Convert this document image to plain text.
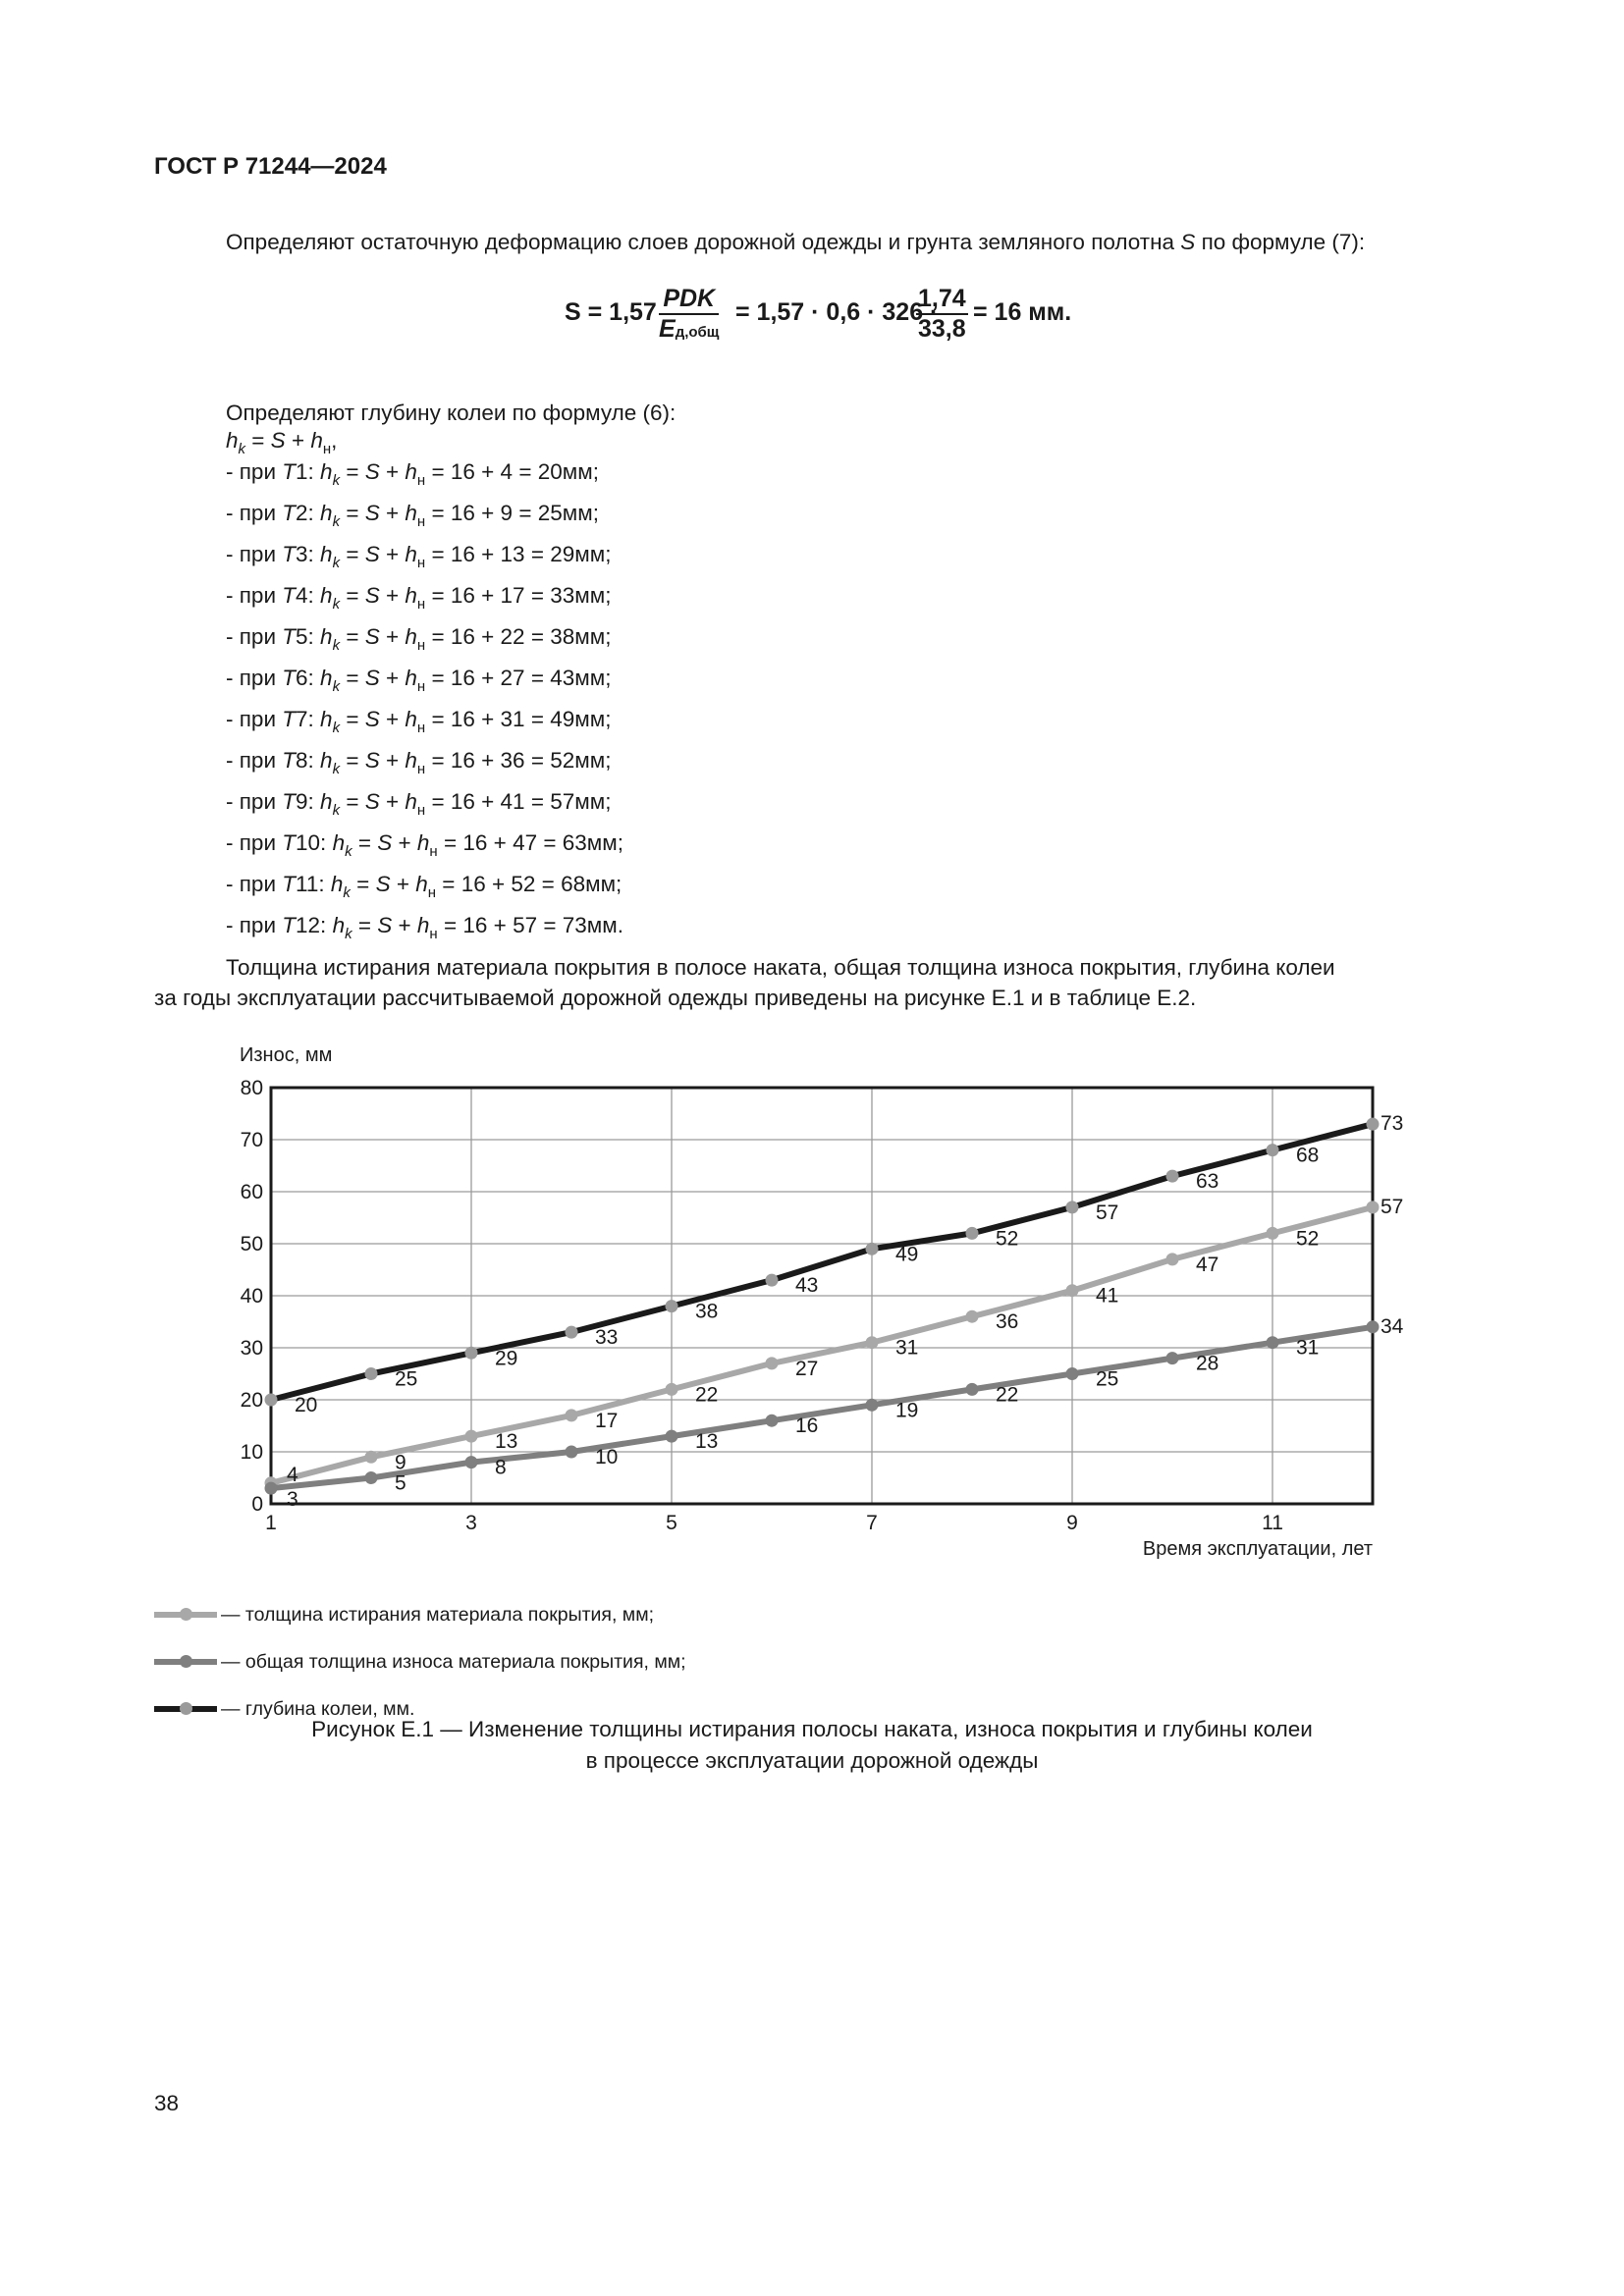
ГОСТ Р 71244—2024
Определяют остаточную деформацию слоев дорожной одежды и грунта земляного полотна S по формуле (7):
S = 1,57 PDK
Eд,общ
= 1,57 · 0,6 · 326 ·
$\frac{1,74}{33,8} = 16$ мм.
Определяют глубину колеи по формуле (6):
$h_k = S + h_н$,
- при T1: $h_k = S + h_н = 16 + 4 = 20мм$;
- при T2: $h_k = S + h_н = 16 + 9 = 25мм$;
- при T3: $h_k = S + h_н = 16 + 13 = 29мм$;
- при T4: $h_k = S + h_н = 16 + 17 = 33мм$;
- при T5: $h_k = S + h_н = 16 + 22 = 38мм$;
- при T6: $h_k = S + h_н = 16 + 27 = 43мм$;
- при T7: $h_k = S + h_н = 16 + 31 = 49мм$;
- при T8: $h_k = S + h_н = 16 + 36 = 52мм$;
- при T9: $h_k = S + h_н = 16 + 41 = 57мм$;
- при T10: $h_k = S + h_н = 16 + 47 = 63мм$;
- при T11: $h_k = S + h_н = 16 + 52 = 68мм$;
- при T12: $h_k = S + h_н = 16 + 57 = 73мм$.
Толщина истирания материала покрытия в полосе наката, общая толщина износа покрытия, глубина колеи
за годы эксплуатации рассчитываемой дорожной одежды приведены на рисунке Е.1 и в таблице Е.2.
0
10
20
30
40
50
60
70
80
1	3	5	7	9	11
4
9
13
17
22
27
31
36
41
47
52
57
3
5
8	10
13
16
19
22
25
28
31
34
20
25
29
33
38
43
49
52
57
63
68
73
Износ, мм
Время эксплуатации, лет
— толщина истирания материала покрытия, мм;
— общая толщина износа материала покрытия, мм;
— глубина колеи, мм.
Рисунок Е.1 — Изменение толщины истирания полосы наката, износа покрытия и глубины колеи
в процессе эксплуатации дорожной одежды
38
